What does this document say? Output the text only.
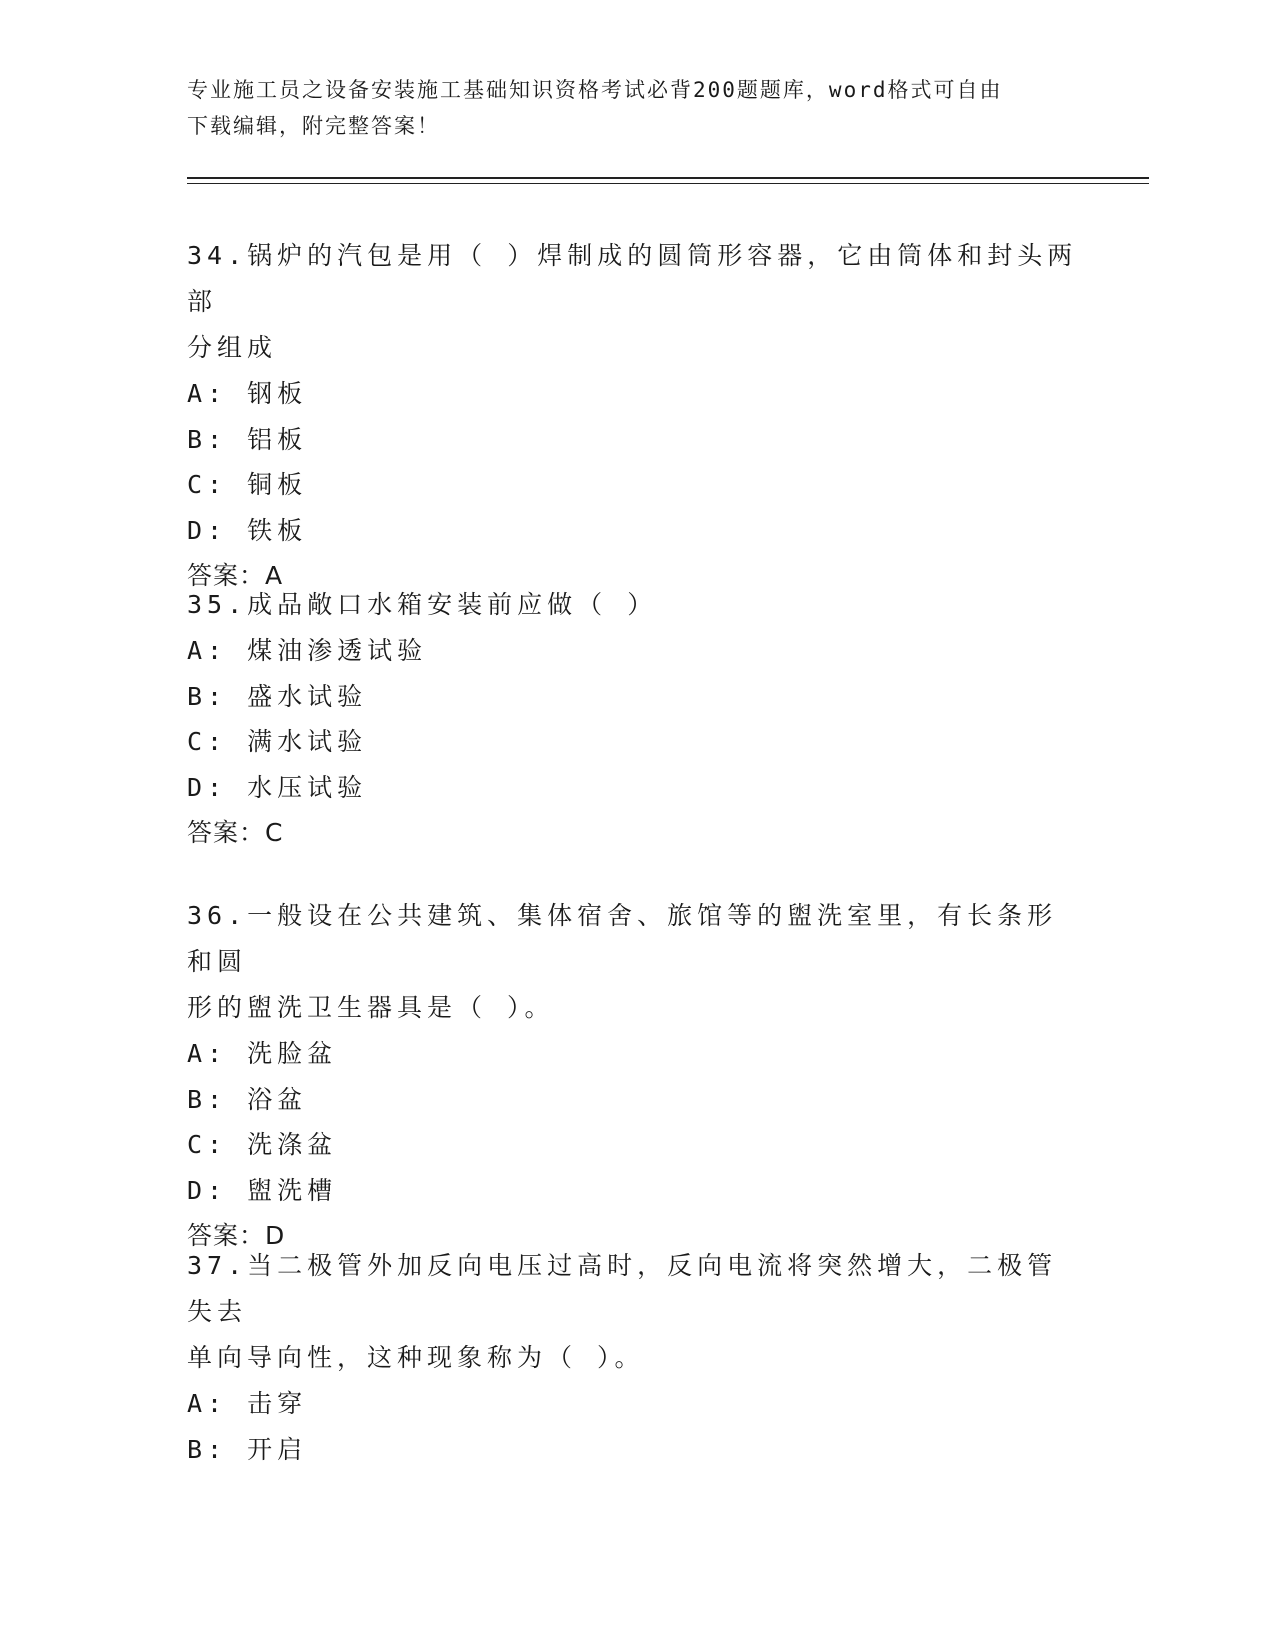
专业施工员之设备安装施工基础知识资格考试必背200题题库，word格式可自由
下载编辑，附完整答案！
34.锅炉的汽包是用（ ）焊制成的圆筒形容器，它由筒体和封头两部
分组成
A: 钢板
B: 铝板
C: 铜板
D: 铁板
答案：A
35.成品敞口水箱安装前应做（ ）
A: 煤油渗透试验
B: 盛水试验
C: 满水试验
D: 水压试验
答案：C
36.一般设在公共建筑、集体宿舍、旅馆等的盥洗室里，有长条形和圆
形的盥洗卫生器具是（ ）。
A: 洗脸盆
B: 浴盆
C: 洗涤盆
D: 盥洗槽
答案：D
37.当二极管外加反向电压过高时，反向电流将突然增大，二极管失去
单向导向性，这种现象称为（ ）。
A: 击穿
B: 开启
